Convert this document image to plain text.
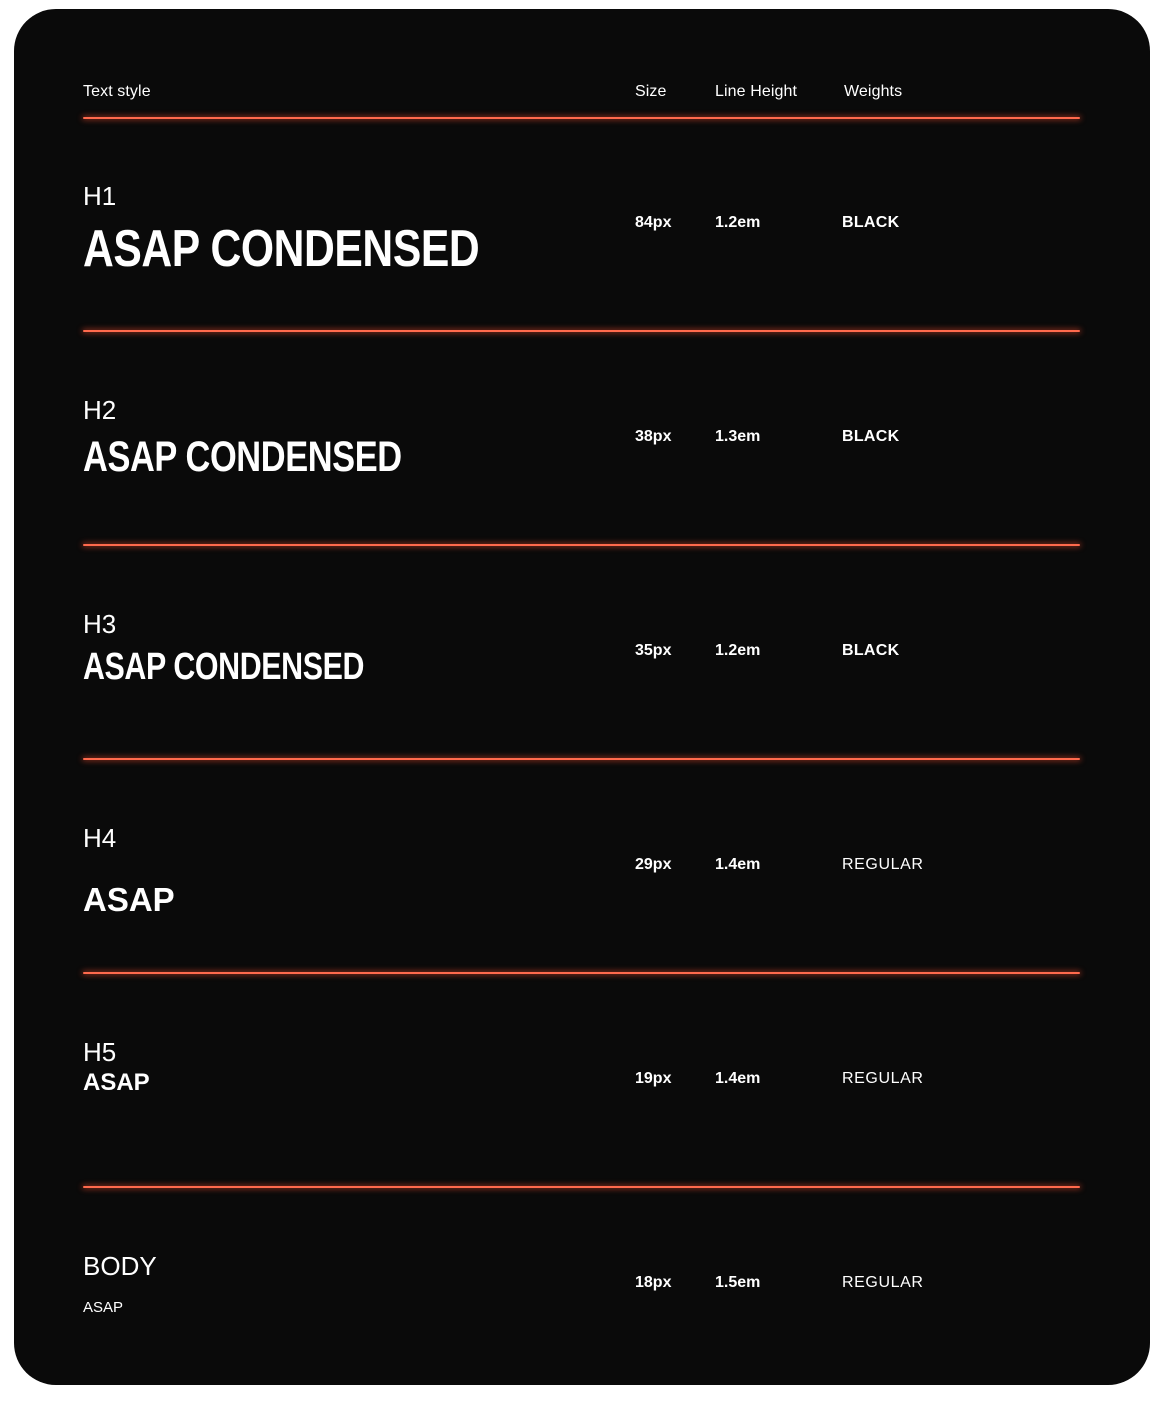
Text style	Size	Line Height	Weights
H1
ASAP CONDENSED	84px	1.2em	BLACK
H2
ASAP CONDENSED	38px	1.3em	BLACK
H3
ASAP CONDENSED	35px	1.2em	BLACK
H4
ASAP
29px	1.4em	REGULAR
H5
ASAP	19px	1.4em	REGULAR
BODY
ASAP
18px	1.5em	REGULAR
